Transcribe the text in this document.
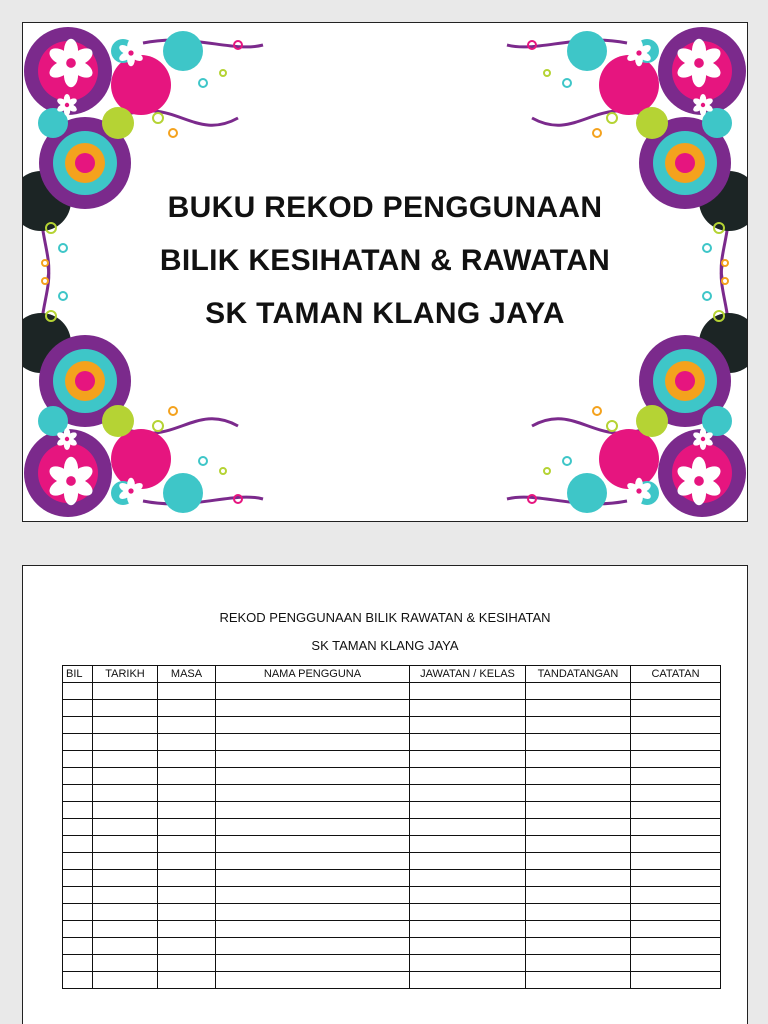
BUKU REKOD PENGGUNAAN
BILIK KESIHATAN & RAWATAN
SK TAMAN KLANG JAYA
REKOD PENGGUNAAN BILIK RAWATAN & KESIHATAN
SK TAMAN KLANG JAYA
BIL	TARIKH	MASA	NAMA PENGGUNA	JAWATAN / KELAS	TANDATANGAN	CATATAN
